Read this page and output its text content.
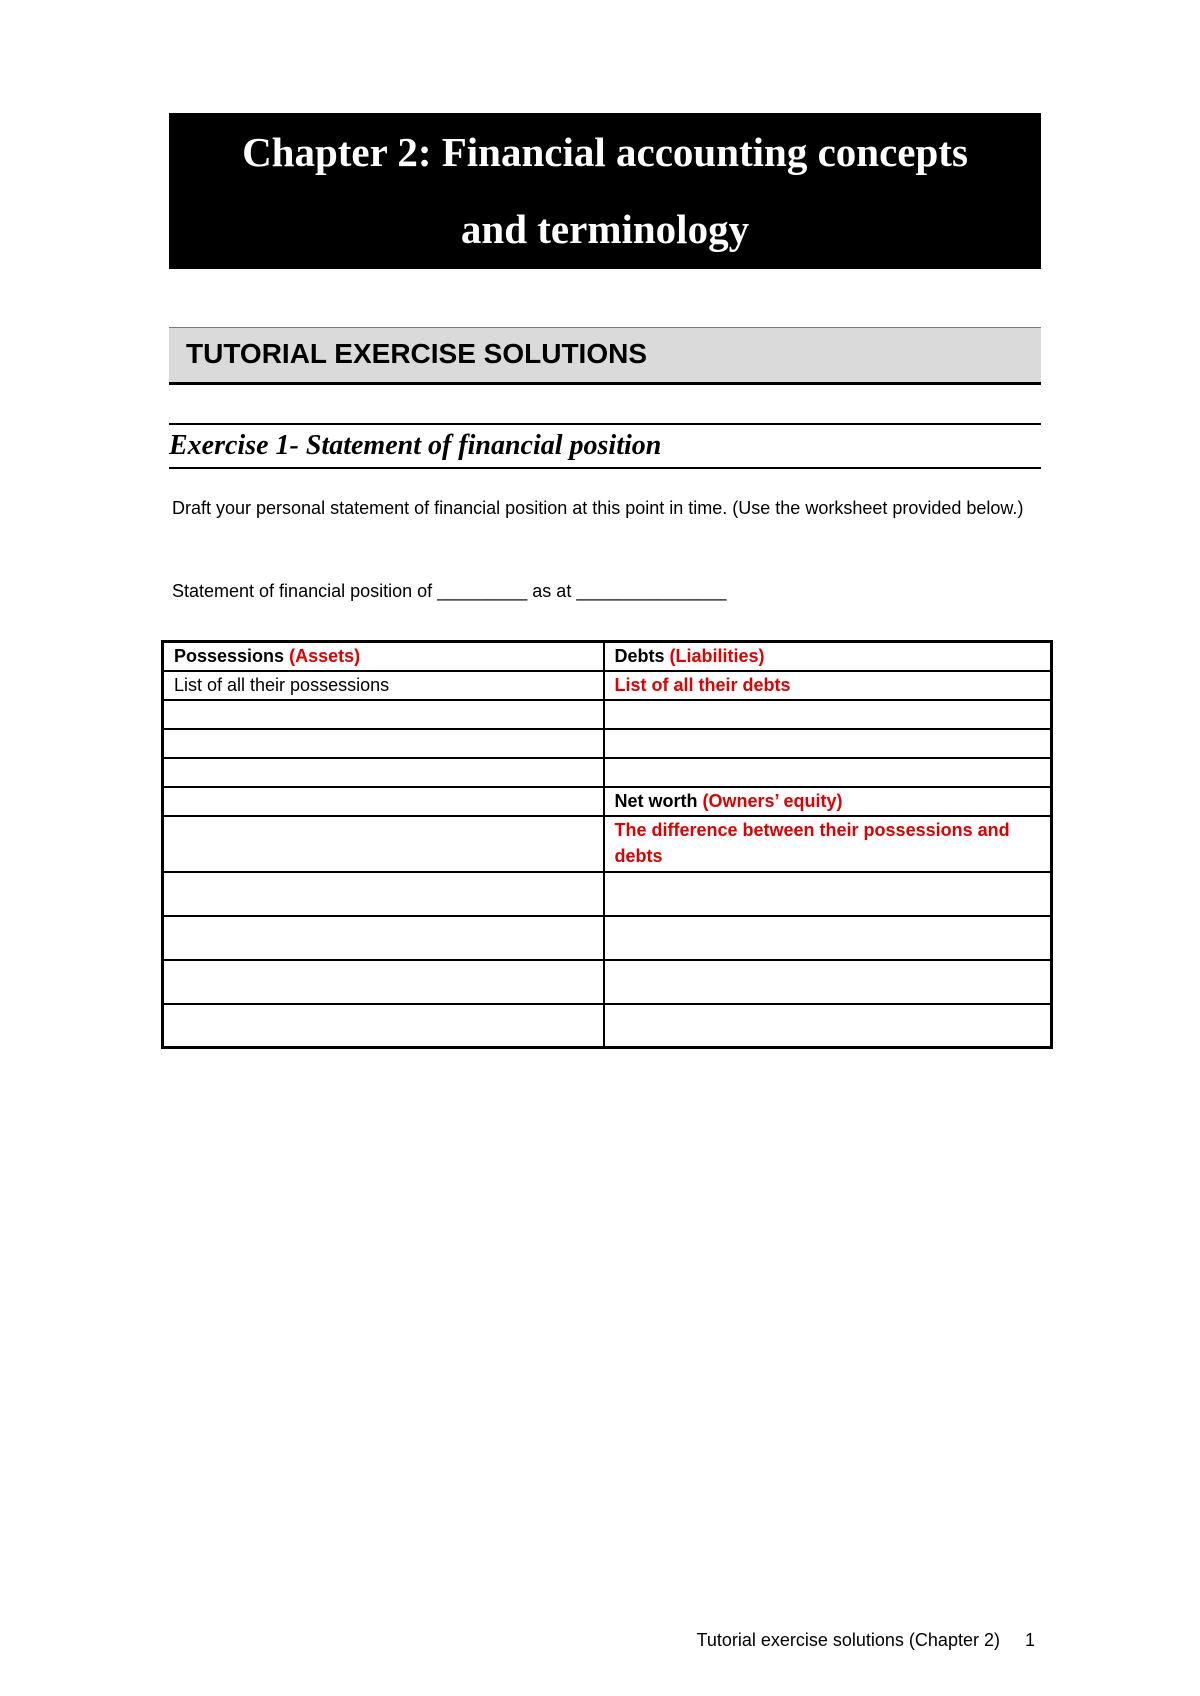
Chapter 2: Financial accounting concepts
and terminology
TUTORIAL EXERCISE SOLUTIONS
Exercise 1- Statement of financial position
Draft your personal statement of financial position at this point in time. (Use the worksheet provided below.)
Statement of financial position of _________ as at _______________
Possessions (Assets)	Debts (Liabilities)
List of all their possessions	List of all their debts

	Net worth (Owners’ equity)
	The difference between their possessions and debts

Tutorial exercise solutions (Chapter 2) 1
